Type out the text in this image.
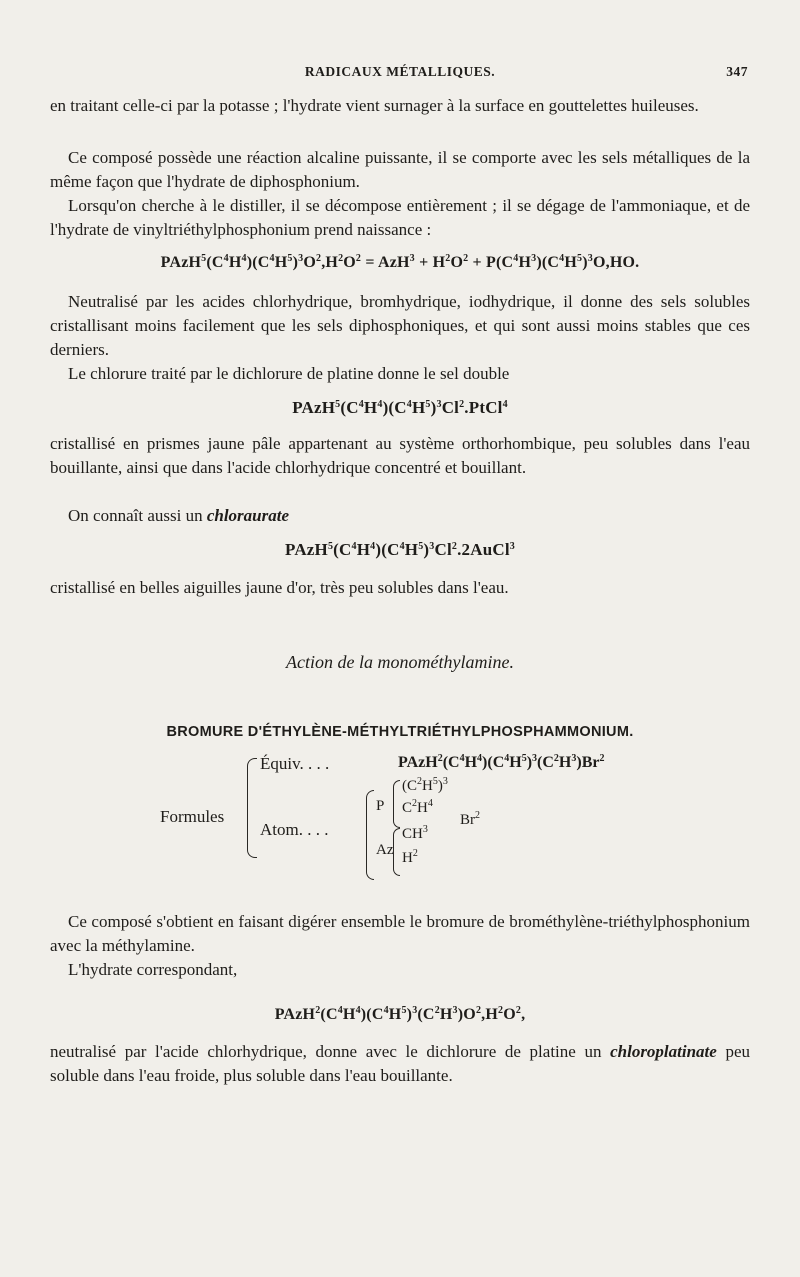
RADICAUX MÉTALLIQUES.	347
en traitant celle-ci par la potasse ; l'hydrate vient surnager à la surface en gouttelettes huileuses.
Ce composé possède une réaction alcaline puissante, il se comporte avec les sels métalliques de la même façon que l'hydrate de diphosphonium.
Lorsqu'on cherche à le distiller, il se décompose entièrement ; il se dégage de l'ammoniaque, et de l'hydrate de vinyltriéthylphosphonium prend naissance :
$PAzH^5(C^4H^4)(C^4H^5)^3O^2,H^2O^2 = AzH^3 + H^2O^2 + P(C^4H^3)(C^4H^5)^3O,HO$.
Neutralisé par les acides chlorhydrique, bromhydrique, iodhydrique, il donne des sels solubles cristallisant moins facilement que les sels diphosphoniques, et qui sont aussi moins stables que ces derniers.
Le chlorure traité par le dichlorure de platine donne le sel double
$PAzH^5(C^4H^4)(C^4H^5)^3Cl^2.PtCl^4$
cristallisé en prismes jaune pâle appartenant au système orthorhombique, peu solubles dans l'eau bouillante, ainsi que dans l'acide chlorhydrique concentré et bouillant.
On connaît aussi un chloraurate
$PAzH^5(C^4H^4)(C^4H^5)^3Cl^2.2AuCl^3$
cristallisé en belles aiguilles jaune d'or, très peu solubles dans l'eau.
Action de la monométhylamine.
BROMURE D'ÉTHYLÈNE-MÉTHYLTRIÉTHYLPHOSPHAMMONIUM.
Formules
Équiv. . . .	$PAzH^2(C^4H^4)(C^4H^5)^3(C^2H^3)Br^2$
Atom. . . .
P
$(C^2H^5)^3$
$C^2H^4$
Az
$CH^3$
$H^2$
Br$^2$
Ce composé s'obtient en faisant digérer ensemble le bromure de brométhylène-triéthylphosphonium avec la méthylamine.
L'hydrate correspondant,
$PAzH^2(C^4H^4)(C^4H^5)^3(C^2H^3)O^2,H^2O^2$,
neutralisé par l'acide chlorhydrique, donne avec le dichlorure de platine un chloroplatinate peu soluble dans l'eau froide, plus soluble dans l'eau bouillante.
